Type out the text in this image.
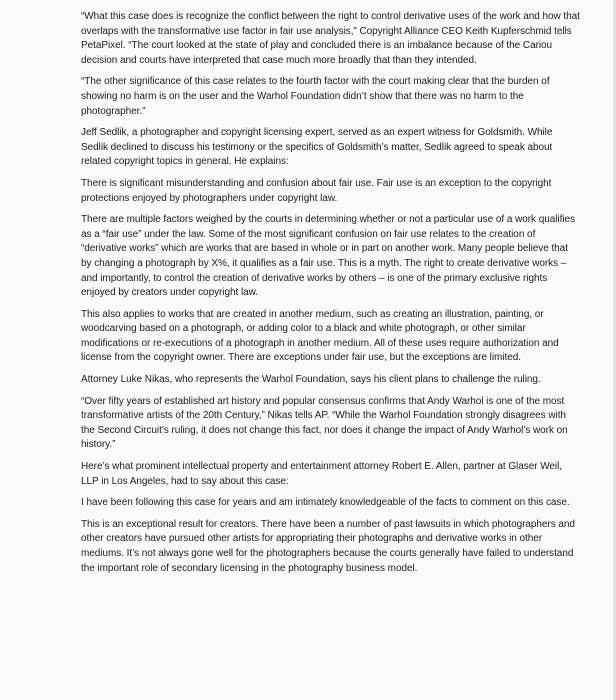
“What this case does is recognize the conflict between the right to control derivative uses of the work and how that overlaps with the transformative use factor in fair use analysis,” Copyright Alliance CEO Keith Kupferschmid tells PetaPixel. “The court looked at the state of play and concluded there is an imbalance because of the Cariou decision and courts have interpreted that case much more broadly that than they intended.

“The other significance of this case relates to the fourth factor with the court making clear that the burden of showing no harm is on the user and the Warhol Foundation didn’t show that there was no harm to the photographer.”

Jeff Sedlik, a photographer and copyright licensing expert, served as an expert witness for Goldsmith. While Sedlik declined to discuss his testimony or the specifics of Goldsmith’s matter, Sedlik agreed to speak about related copyright topics in general. He explains:

There is significant misunderstanding and confusion about fair use. Fair use is an exception to the copyright protections enjoyed by photographers under copyright law.

There are multiple factors weighed by the courts in determining whether or not a particular use of a work qualifies as a “fair use” under the law. Some of the most significant confusion on fair use relates to the creation of “derivative works” which are works that are based in whole or in part on another work. Many people believe that by changing a photograph by X%, it qualifies as a fair use. This is a myth. The right to create derivative works – and importantly, to control the creation of derivative works by others – is one of the primary exclusive rights enjoyed by creators under copyright law.

This also applies to works that are created in another medium, such as creating an illustration, painting, or woodcarving based on a photograph, or adding color to a black and white photograph, or other similar modifications or re-executions of a photograph in another medium. All of these uses require authorization and license from the copyright owner. There are exceptions under fair use, but the exceptions are limited.

Attorney Luke Nikas, who represents the Warhol Foundation, says his client plans to challenge the ruling.

“Over fifty years of established art history and popular consensus confirms that Andy Warhol is one of the most transformative artists of the 20th Century,” Nikas tells AP. “While the Warhol Foundation strongly disagrees with the Second Circuit’s ruling, it does not change this fact, nor does it change the impact of Andy Warhol’s work on history.”

Here’s what prominent intellectual property and entertainment attorney Robert E. Allen, partner at Glaser Weil, LLP in Los Angeles, had to say about this case:

I have been following this case for years and am intimately knowledgeable of the facts to comment on this case.

This is an exceptional result for creators. There have been a number of past lawsuits in which photographers and other creators have pursued other artists for appropriating their photographs and derivative works in other mediums. It’s not always gone well for the photographers because the courts generally have failed to understand the important role of secondary licensing in the photography business model.
